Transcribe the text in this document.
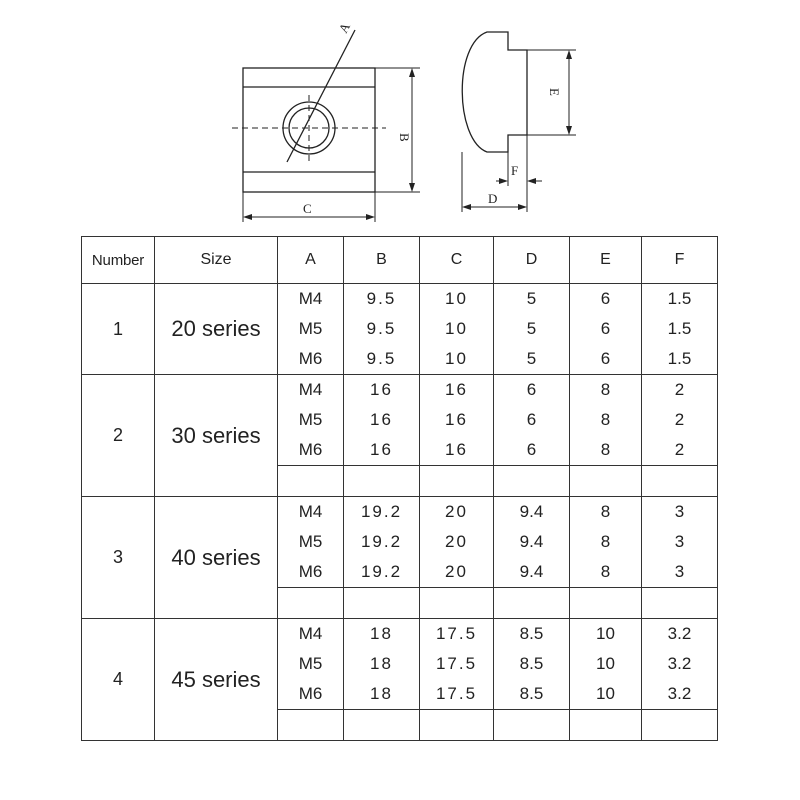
A
B
C
D
E
F
Number	Size	A	B	C	D	E	F
1	20 series	M4	9.5	10	5	6	1.5
		M5	9.5	10	5	6	1.5
		M6	9.5	10	5	6	1.5
2	30 series	M4	16	16	6	8	2
		M5	16	16	6	8	2
		M6	16	16	6	8	2

3	40 series	M4	19.2	20	9.4	8	3
		M5	19.2	20	9.4	8	3
		M6	19.2	20	9.4	8	3

4	45 series	M4	18	17.5	8.5	10	3.2
		M5	18	17.5	8.5	10	3.2
		M6	18	17.5	8.5	10	3.2
